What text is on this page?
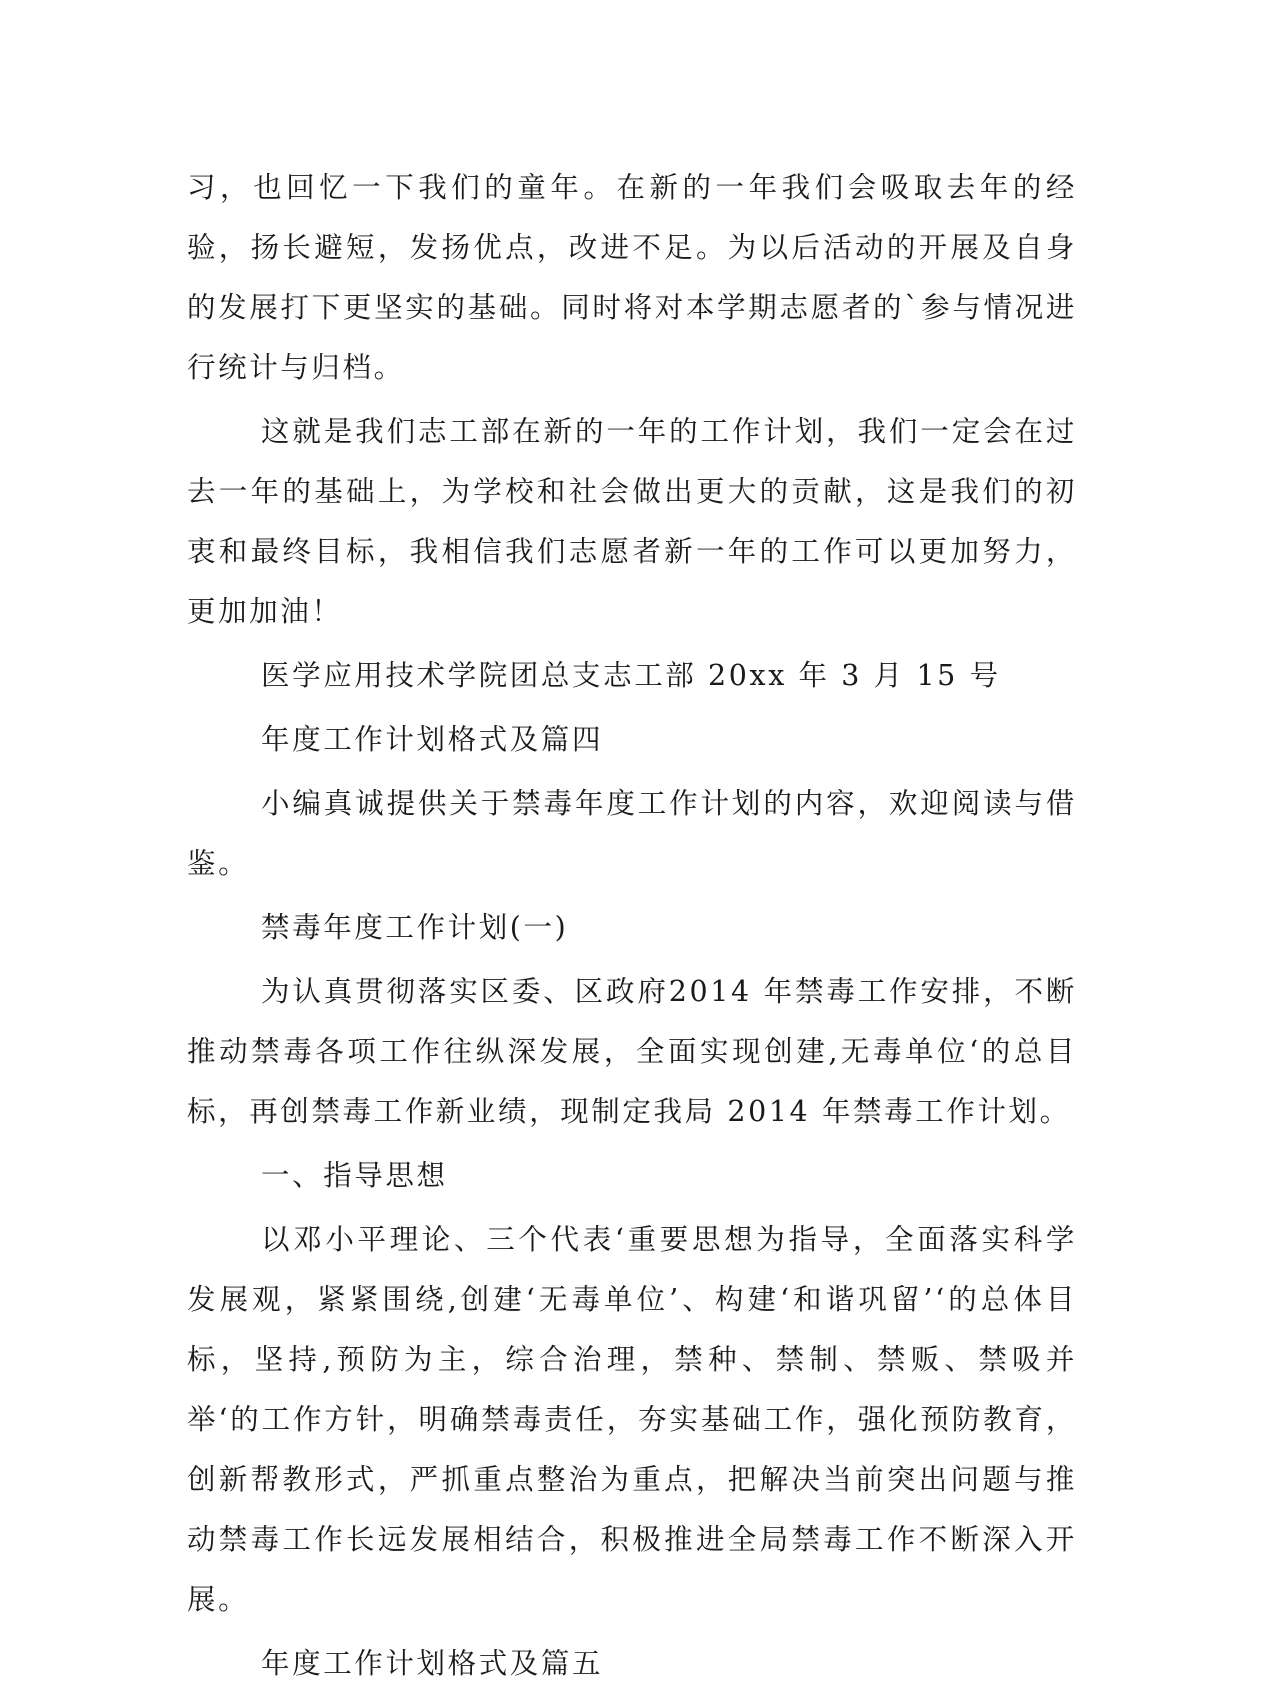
习，也回忆一下我们的童年。在新的一年我们会吸取去年的经验，扬长避短，发扬优点，改进不足。为以后活动的开展及自身的发展打下更坚实的基础。同时将对本学期志愿者的`参与情况进行统计与归档。

这就是我们志工部在新的一年的工作计划，我们一定会在过去一年的基础上，为学校和社会做出更大的贡献，这是我们的初衷和最终目标，我相信我们志愿者新一年的工作可以更加努力，更加加油！

医学应用技术学院团总支志工部 20xx 年 3 月 15 号

年度工作计划格式及篇四

小编真诚提供关于禁毒年度工作计划的内容，欢迎阅读与借鉴。

禁毒年度工作计划(一)

为认真贯彻落实区委、区政府2014 年禁毒工作安排，不断推动禁毒各项工作往纵深发展，全面实现创建‚无毒单位‘的总目标，再创禁毒工作新业绩，现制定我局 2014 年禁毒工作计划。

一、指导思想

以邓小平理论、三个代表‘重要思想为指导，全面落实科学发展观，紧紧围绕‚创建‘无毒单位’、构建‘和谐巩留’‘的总体目标，坚持‚预防为主，综合治理，禁种、禁制、禁贩、禁吸并举‘的工作方针，明确禁毒责任，夯实基础工作，强化预防教育，创新帮教形式，严抓重点整治为重点，把解决当前突出问题与推动禁毒工作长远发展相结合，积极推进全局禁毒工作不断深入开展。

年度工作计划格式及篇五
